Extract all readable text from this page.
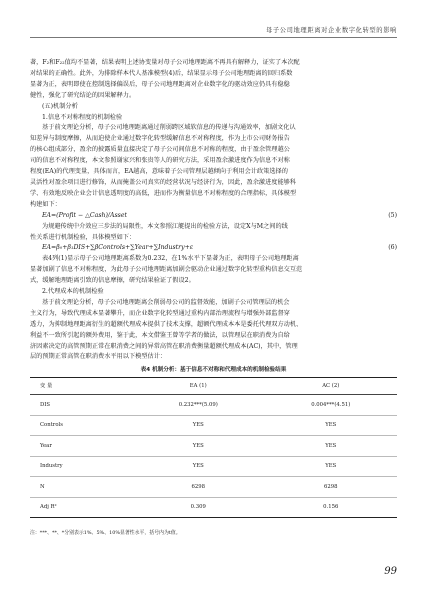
母子公司地理距离对企业数字化转型的影响

著，F₂和F₂₂值均不显著，结果表明上述协变量对母子公司地理距离不再具有解释力，证实了本次配

对结果的正确性。此外，为排除样本代人基准模型(4)后，结果显示母子公司地理距离的回归系数

显著为正，表明即使在控制选择偏误后，母子公司地理距离对企业数字化的驱动效应仍具有稳稳

健性，强化了研究结论的因果解释力。

(五)机制分析
1.信息不对称程度的机制检验

基于前文理论分析，母子公司地理距离通过削弱跨区域软信息的传递与沟通效率，加剧文化认

知差异与制度摩擦，从而迫使企业通过数字化转型缓解信息不对称程度，作为上市公司财务报告

的核心组成部分，盈余的披露质量直接决定了母子公司间信息不对称的程度，由于盈余管理越公

司的信息不对称程度，本文参照谢家兴和张贵等人的研究方法，采用盈余激进度作为信息不对称

程度(EA)的代理变量，具体而言，EA越高，意味着子公司管理层越倾向于利用会计政策选择的

灵活性对盈余项目进行修饰，从而掩盖公司真实的经营状况与经济行为，因此，盈余激进度能够科

学、有效地反映企业会计信息透明度的高低，进而作为衡量信息不对称程度的合理指标，具体模型

构建如下：

EA=(Profit − △Cash)/Asset	(5)

为规避传统中介效应三步法的局限性，本文参照江艇提出的检验方法，设定X与M之间的线

性关系进行机制检验，具体模型如下：

EA=β₀+β₁DIS+∑βControls+∑Year+∑Industry+ε	(6)

表4列(1)显示母子公司地理距离系数为0.232，在1%水平下显著为正，表明母子公司地理距离

显著加剧了信息不对称程度，为此母子公司地理距离加剧会驱动企业通过数字化转型重构信息交互范

式，缓解地理距离引致的信息摩擦，研究结果验证了假设2。

2.代理成本的机制检验

基于前文理论分析，母子公司地理距离会削弱母公司的监督效能，加剧子公司管理层的机会

主义行为，导致代理成本显著攀升，而企业数字化转型通过重构内部治理流程与增强外部监督穿

透力，为抑制地理距离衍生的超额代理成本提供了技术支撑，超额代理成本本是委托代理双方动机、

利益不一致所引起的额外费用，鉴于此，本文借鉴王曾等学者的做法，以管理层在职消费为自给

济因素决定的高管预期正常在职消费之间的异常高管在职消费衡量超额代理成本(AC)，其中，管理

层的预期正常高管在职消费水平用以下模型估计：

表4 机制分析：基于信息不对称和代理成本的机制检验结果
变 量	EA (1)	AC (2)
DIS	0.232***(5.09)	0.004***(4.51)
Controls	YES	YES
Year	YES	YES
Industry	YES	YES
N	6298	6298
Adj R²	0.309	0.156
注：***、**、*分别表示1%、5%、10%显著性水平，括号内为t值。
99
